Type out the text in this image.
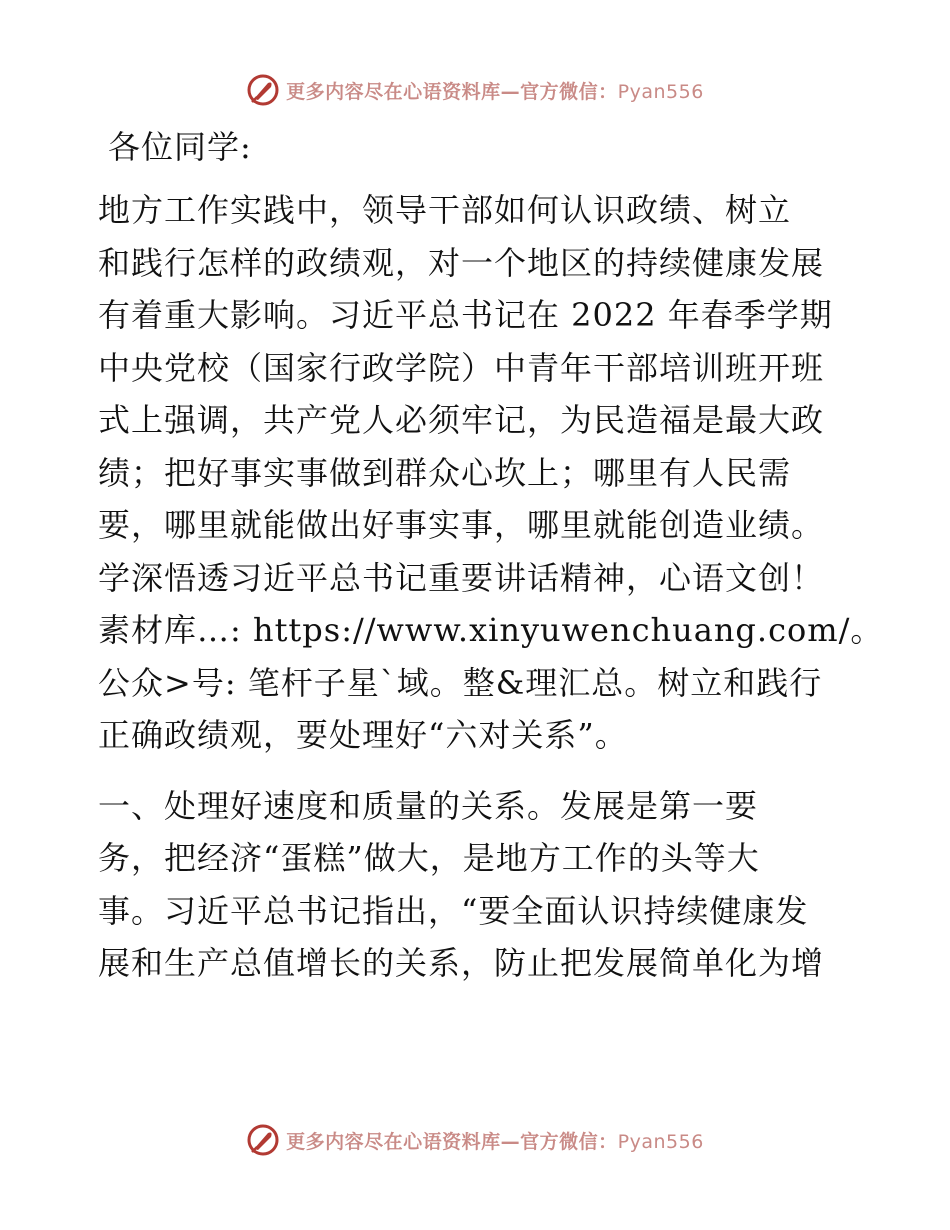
更多内容尽在心语资料库—官方微信：Pyan556
各位同学:
地方工作实践中，领导干部如何认识政绩、树立
和践行怎样的政绩观，对一个地区的持续健康发展
有着重大影响。习近平总书记在 2022 年春季学期
中央党校（国家行政学院）中青年干部培训班开班
式上强调，共产党人必须牢记，为民造福是最大政
绩；把好事实事做到群众心坎上；哪里有人民需
要，哪里就能做出好事实事，哪里就能创造业绩。
学深悟透习近平总书记重要讲话精神，心语文创！
素材库…: https://www.xinyuwenchuang.com/。
公众>号: 笔杆子星`域。整&理汇总。树立和践行
正确政绩观，要处理好“六对关系”。
一、处理好速度和质量的关系。发展是第一要
务，把经济“蛋糕”做大，是地方工作的头等大
事。习近平总书记指出，“要全面认识持续健康发
展和生产总值增长的关系，防止把发展简单化为增
更多内容尽在心语资料库—官方微信：Pyan556
